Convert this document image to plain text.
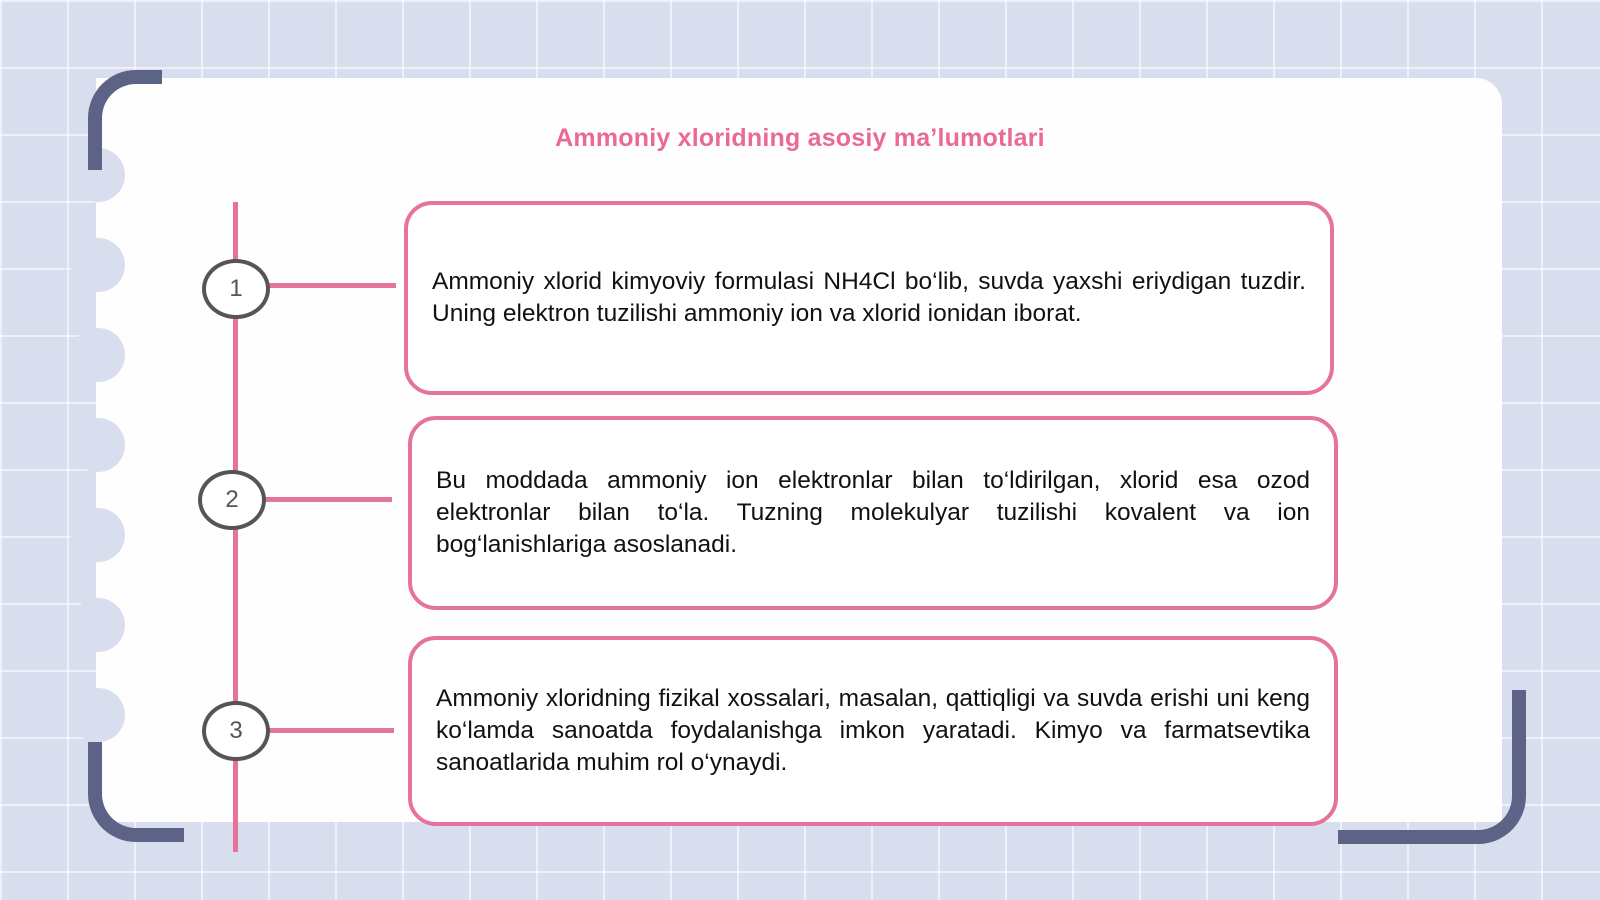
Ammoniy xloridning asosiy ma’lumotlari
1
2
3

Ammoniy xlorid kimyoviy formulasi NH4Cl bo‘lib, suvda yaxshi eriydigan tuzdir. Uning elektron tuzilishi ammoniy ion va xlorid ionidan iborat.

Bu moddada ammoniy ion elektronlar bilan to‘ldirilgan, xlorid esa ozod elektronlar bilan to‘la. Tuzning molekulyar tuzilishi kovalent va ion bog‘lanishlariga asoslanadi.

Ammoniy xloridning fizikal xossalari, masalan, qattiqligi va suvda erishi uni keng ko‘lamda sanoatda foydalanishga imkon yaratadi. Kimyo va farmatsevtika sanoatlarida muhim rol o‘ynaydi.
